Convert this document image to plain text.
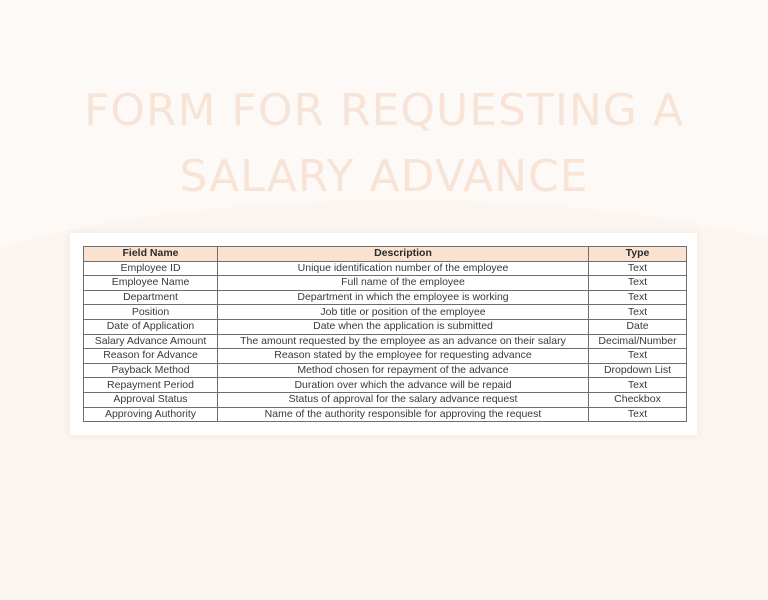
FORM FOR REQUESTING A
SALARY ADVANCE
Field Name	Description	Type
Employee ID	Unique identification number of the employee	Text
Employee Name	Full name of the employee	Text
Department	Department in which the employee is working	Text
Position	Job title or position of the employee	Text
Date of Application	Date when the application is submitted	Date
Salary Advance Amount	The amount requested by the employee as an advance on their salary	Decimal/Number
Reason for Advance	Reason stated by the employee for requesting advance	Text
Payback Method	Method chosen for repayment of the advance	Dropdown List
Repayment Period	Duration over which the advance will be repaid	Text
Approval Status	Status of approval for the salary advance request	Checkbox
Approving Authority	Name of the authority responsible for approving the request	Text
